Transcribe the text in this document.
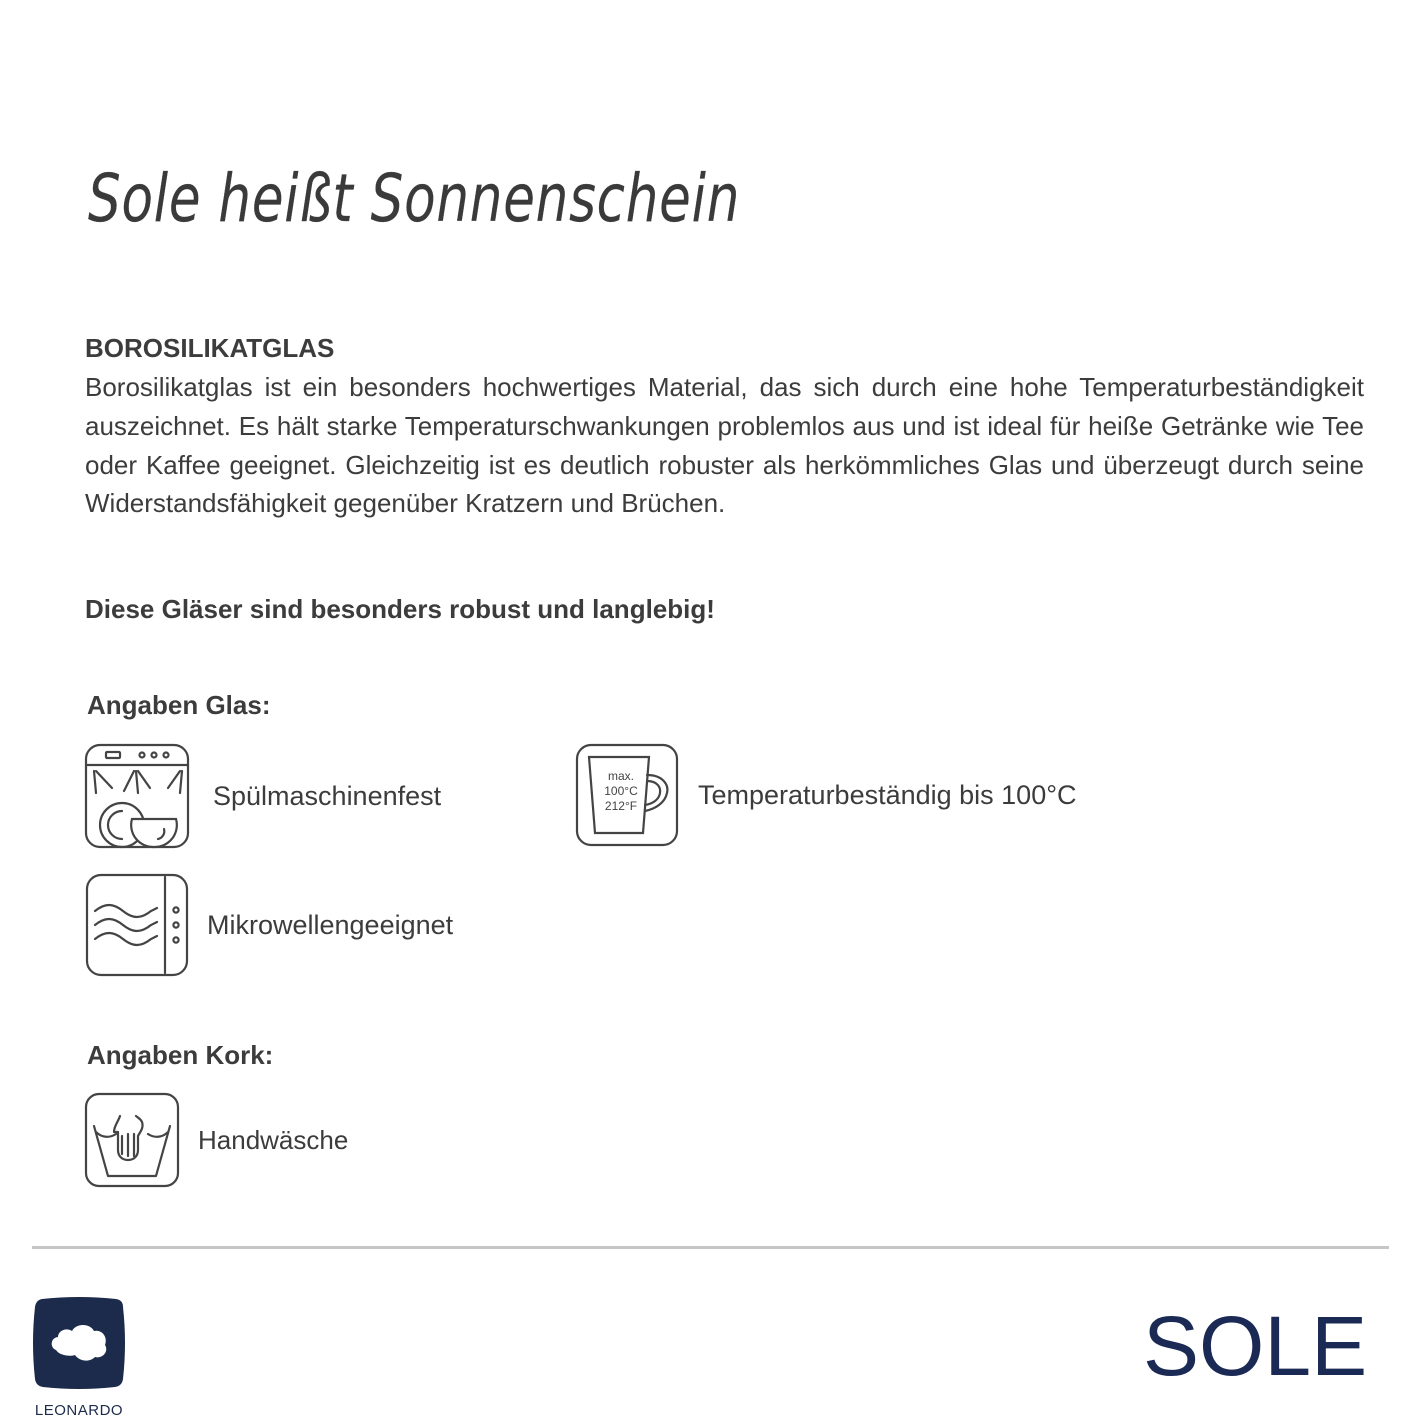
Sole heißt Sonnenschein
BOROSILIKATGLAS
Borosilikatglas ist ein besonders hochwertiges Material, das sich durch eine hohe Temperaturbeständigkeit auszeichnet. Es hält starke Temperaturschwankungen problemlos aus und ist ideal für heiße Getränke wie Tee oder Kaffee geeignet. Gleichzeitig ist es deutlich robuster als herkömmliches Glas und überzeugt durch seine Widerstandsfähigkeit gegenüber Kratzern und Brüchen.
Diese Gläser sind besonders robust und langlebig!
Angaben Glas:
Spülmaschinenfest
max.
100°C
212°F Temperaturbeständig bis 100°C
Mikrowellengeeignet
Angaben Kork:
Handwäsche
LEONARDO
SOLE
